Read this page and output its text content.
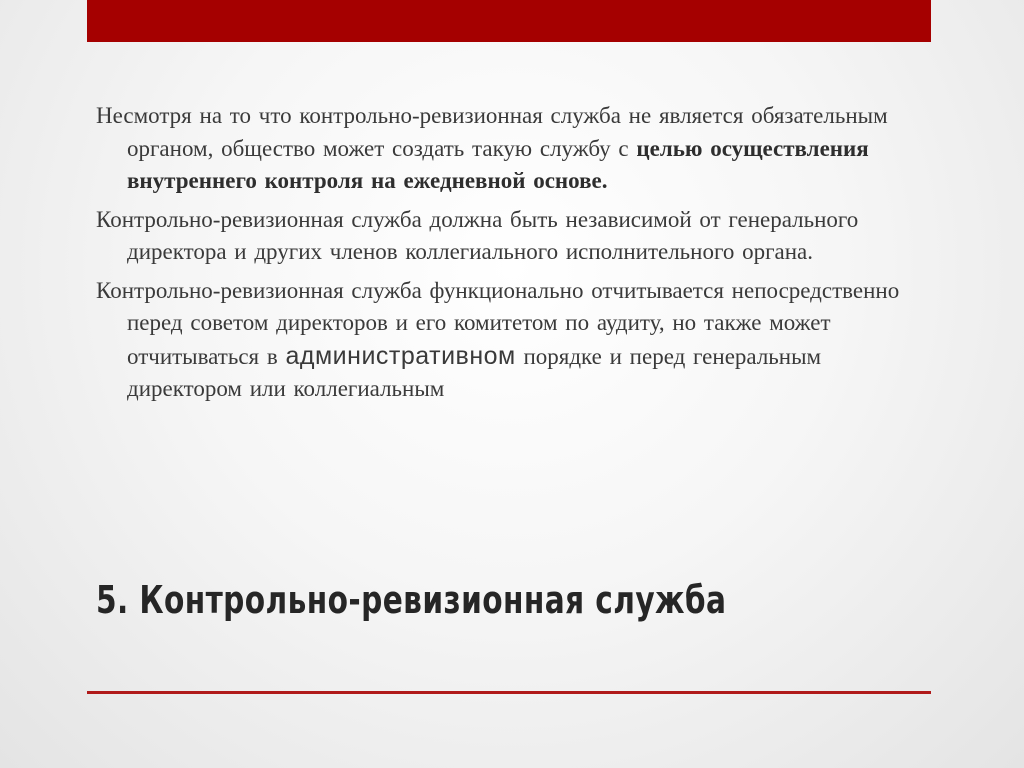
Несмотря на то что контрольно-ревизионная служба не является обязательным органом, общество может создать такую службу с целью осуществления внутреннего контроля на ежедневной основе.

Контрольно-ревизионная служба должна быть независимой от генерального директора и других членов коллегиального исполнительного органа.

Контрольно-ревизионная служба функционально отчитывается непосредственно перед советом директоров и его комитетом по аудиту, но также может отчитываться в административном порядке и перед генеральным директором или коллегиальным

5. Контрольно-ревизионная служба
